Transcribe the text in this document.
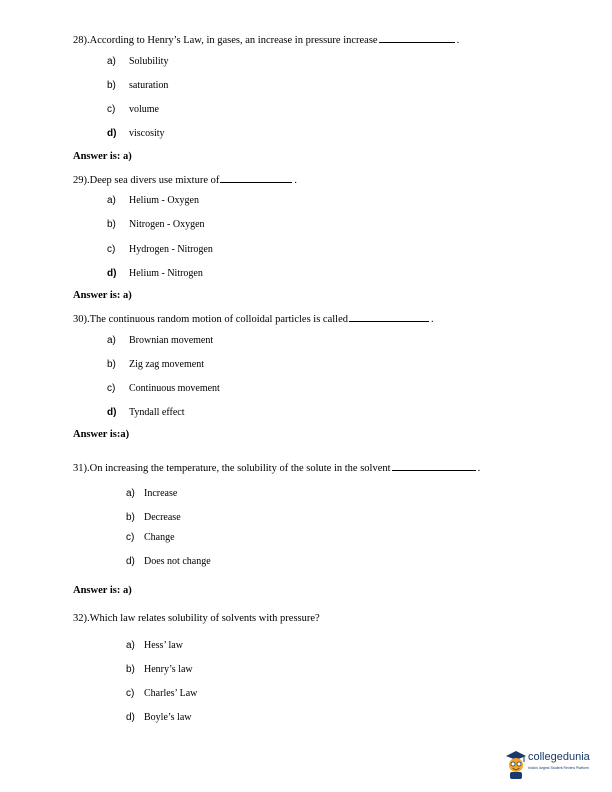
28).According to Henry’s Law, in gases, an increase in pressure increase	.
a) Solubility
b) saturation
c) volume
d) viscosity
Answer is: a)
29).Deep sea divers use mixture of	.
a) Helium - Oxygen
b) Nitrogen - Oxygen
c) Hydrogen - Nitrogen
d) Helium - Nitrogen
Answer is: a)
30).The continuous random motion of colloidal particles is called	.
a) Brownian movement
b) Zig zag movement
c) Continuous movement
d) Tyndall effect
Answer is:a)
31).On increasing the temperature, the solubility of the solute in the solvent	.
a) Increase
b) Decrease
c) Change
d) Does not change
Answer is: a)
32).Which law relates solubility of solvents with pressure?
a) Hess’ law
b) Henry’s law
c) Charles’ Law
d) Boyle’s law
collegedunia
India's largest Student Review Platform
